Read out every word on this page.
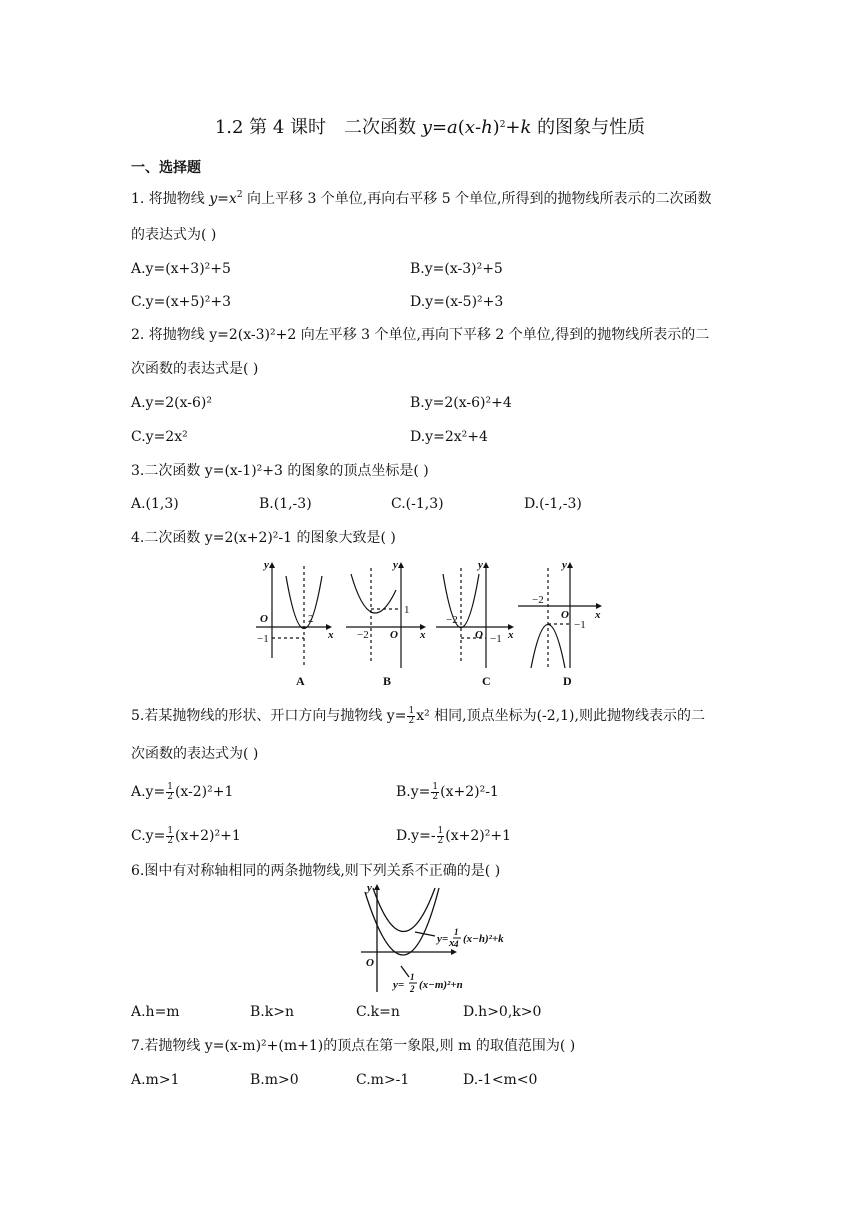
1.2 第 4 课时　二次函数 $y=a(x-h)^2+k$ 的图象与性质
一、选择题
1. 将抛物线 $y=x^2$ 向上平移 3 个单位,再向右平移 5 个单位,所得到的抛物线所表示的二次函数
的表达式为( )
A.y=(x+3)²+5	B.y=(x-3)²+5
C.y=(x+5)²+3	D.y=(x-5)²+3
2. 将抛物线 y=2(x-3)²+2 向左平移 3 个单位,再向下平移 2 个单位,得到的抛物线所表示的二
次函数的表达式是( )
A.y=2(x-6)²	B.y=2(x-6)²+4
C.y=2x²	D.y=2x²+4
3.二次函数 y=(x-1)²+3 的图象的顶点坐标是( )
A.(1,3)	B.(1,-3)	C.(-1,3)	D.(-1,-3)
4.二次函数 y=2(x+2)²-1 的图象大致是( )
y
x
O
y
x
O
y
x
O
y
x
O
2
−1
1
−2
−2
−1
−2
−1
A	B	C	D
5.若某抛物线的形状、开口方向与抛物线 $y= \frac{1}{2} x^2$ 相同,顶点坐标为(-2,1),则此抛物线表示的二
次函数的表达式为( )
$A.y= \frac{1}{2} (x-2)^2+1$	$B.y= \frac{1}{2} (x+2)^2-1$
$C.y= \frac{1}{2} (x+2)^2+1$	$D.y=- \frac{1}{2} (x+2)^2+1$
6.图中有对称轴相同的两条抛物线,则下列关系不正确的是( )
y
x
O
y=
1
4 (x−h)²+k
y=
1
2 (x−m)²+n
A.h=m	B.k>n	C.k=n	D.h>0,k>0
7.若抛物线 y=(x-m)²+(m+1)的顶点在第一象限,则 m 的取值范围为( )
A.m>1	B.m>0	C.m>-1	D.-1<m<0
